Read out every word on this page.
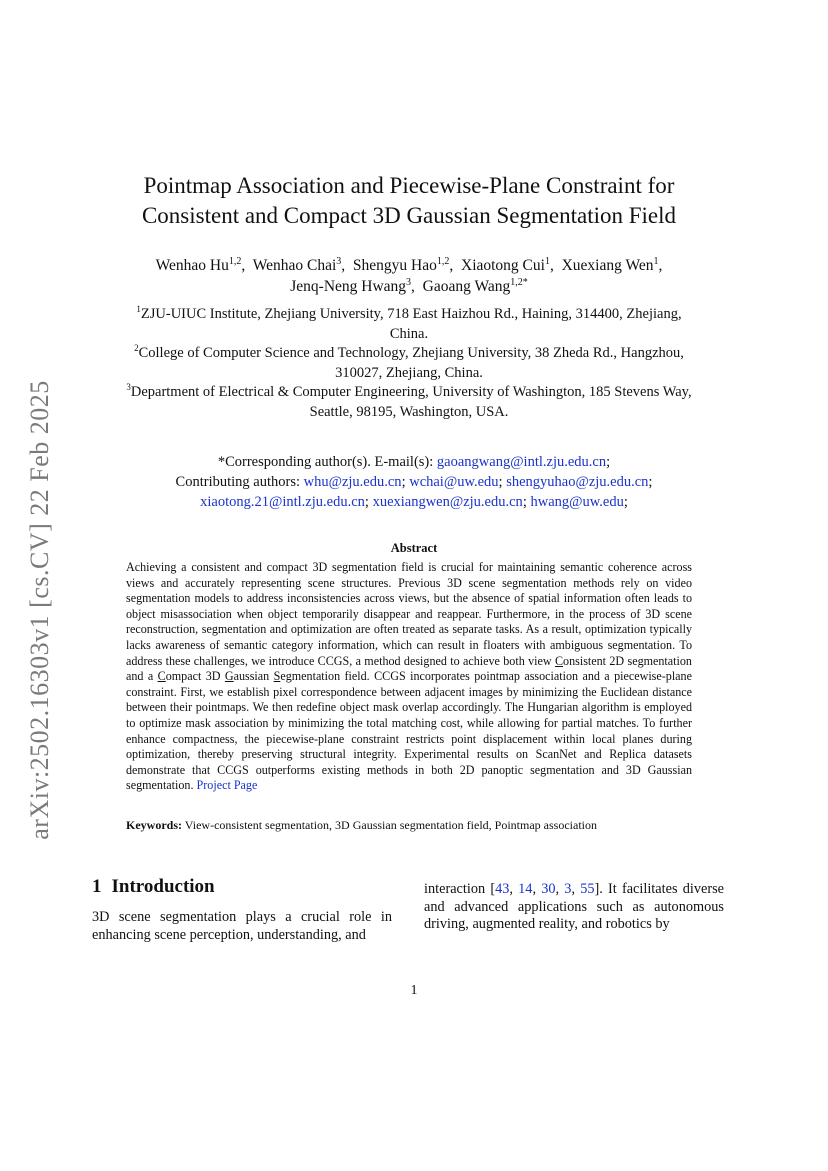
arXiv:2502.16303v1 [cs.CV] 22 Feb 2025
Pointmap Association and Piecewise-Plane Constraint for
Consistent and Compact 3D Gaussian Segmentation Field
Wenhao Hu$^{1,2}$,  Wenhao Chai$^3$,  Shengyu Hao$^{1,2}$,  Xiaotong Cui$^1$,  Xuexiang Wen$^1$,
Jenq-Neng Hwang$^3$,  Gaoang Wang$^{1,2*}$
$^1$ZJU-UIUC Institute, Zhejiang University, 718 East Haizhou Rd., Haining, 314400, Zhejiang, China.
$^2$College of Computer Science and Technology, Zhejiang University, 38 Zheda Rd., Hangzhou, 310027, Zhejiang, China.
$^3$Department of Electrical & Computer Engineering, University of Washington, 185 Stevens Way, Seattle, 98195, Washington, USA.
*Corresponding author(s). E-mail(s): gaoangwang@intl.zju.edu.cn;
Contributing authors: whu@zju.edu.cn; wchai@uw.edu; shengyuhao@zju.edu.cn;
xiaotong.21@intl.zju.edu.cn; xuexiangwen@zju.edu.cn; hwang@uw.edu;
Abstract
Achieving a consistent and compact 3D segmentation field is crucial for maintaining semantic coherence across views and accurately representing scene structures. Previous 3D scene segmentation methods rely on video segmentation models to address inconsistencies across views, but the absence of spatial information often leads to object misassociation when object temporarily disappear and reappear. Furthermore, in the process of 3D scene reconstruction, segmentation and optimization are often treated as separate tasks. As a result, optimization typically lacks awareness of semantic category information, which can result in floaters with ambiguous segmentation. To address these challenges, we introduce CCGS, a method designed to achieve both view Consistent 2D segmentation and a Compact 3D Gaussian Segmentation field. CCGS incorporates pointmap association and a piecewise-plane constraint. First, we establish pixel correspondence between adjacent images by minimizing the Euclidean distance between their pointmaps. We then redefine object mask overlap accordingly. The Hungarian algorithm is employed to optimize mask association by minimizing the total matching cost, while allowing for partial matches. To further enhance compactness, the piecewise-plane constraint restricts point displacement within local planes during optimization, thereby preserving structural integrity. Experimental results on ScanNet and Replica datasets demonstrate that CCGS outperforms existing methods in both 2D panoptic segmentation and 3D Gaussian segmentation. Project Page
Keywords: View-consistent segmentation, 3D Gaussian segmentation field, Pointmap association
1 Introduction
3D scene segmentation plays a crucial role in enhancing scene perception, understanding, and
interaction [43, 14, 30, 3, 55]. It facilitates diverse and advanced applications such as autonomous driving, augmented reality, and robotics by
1
